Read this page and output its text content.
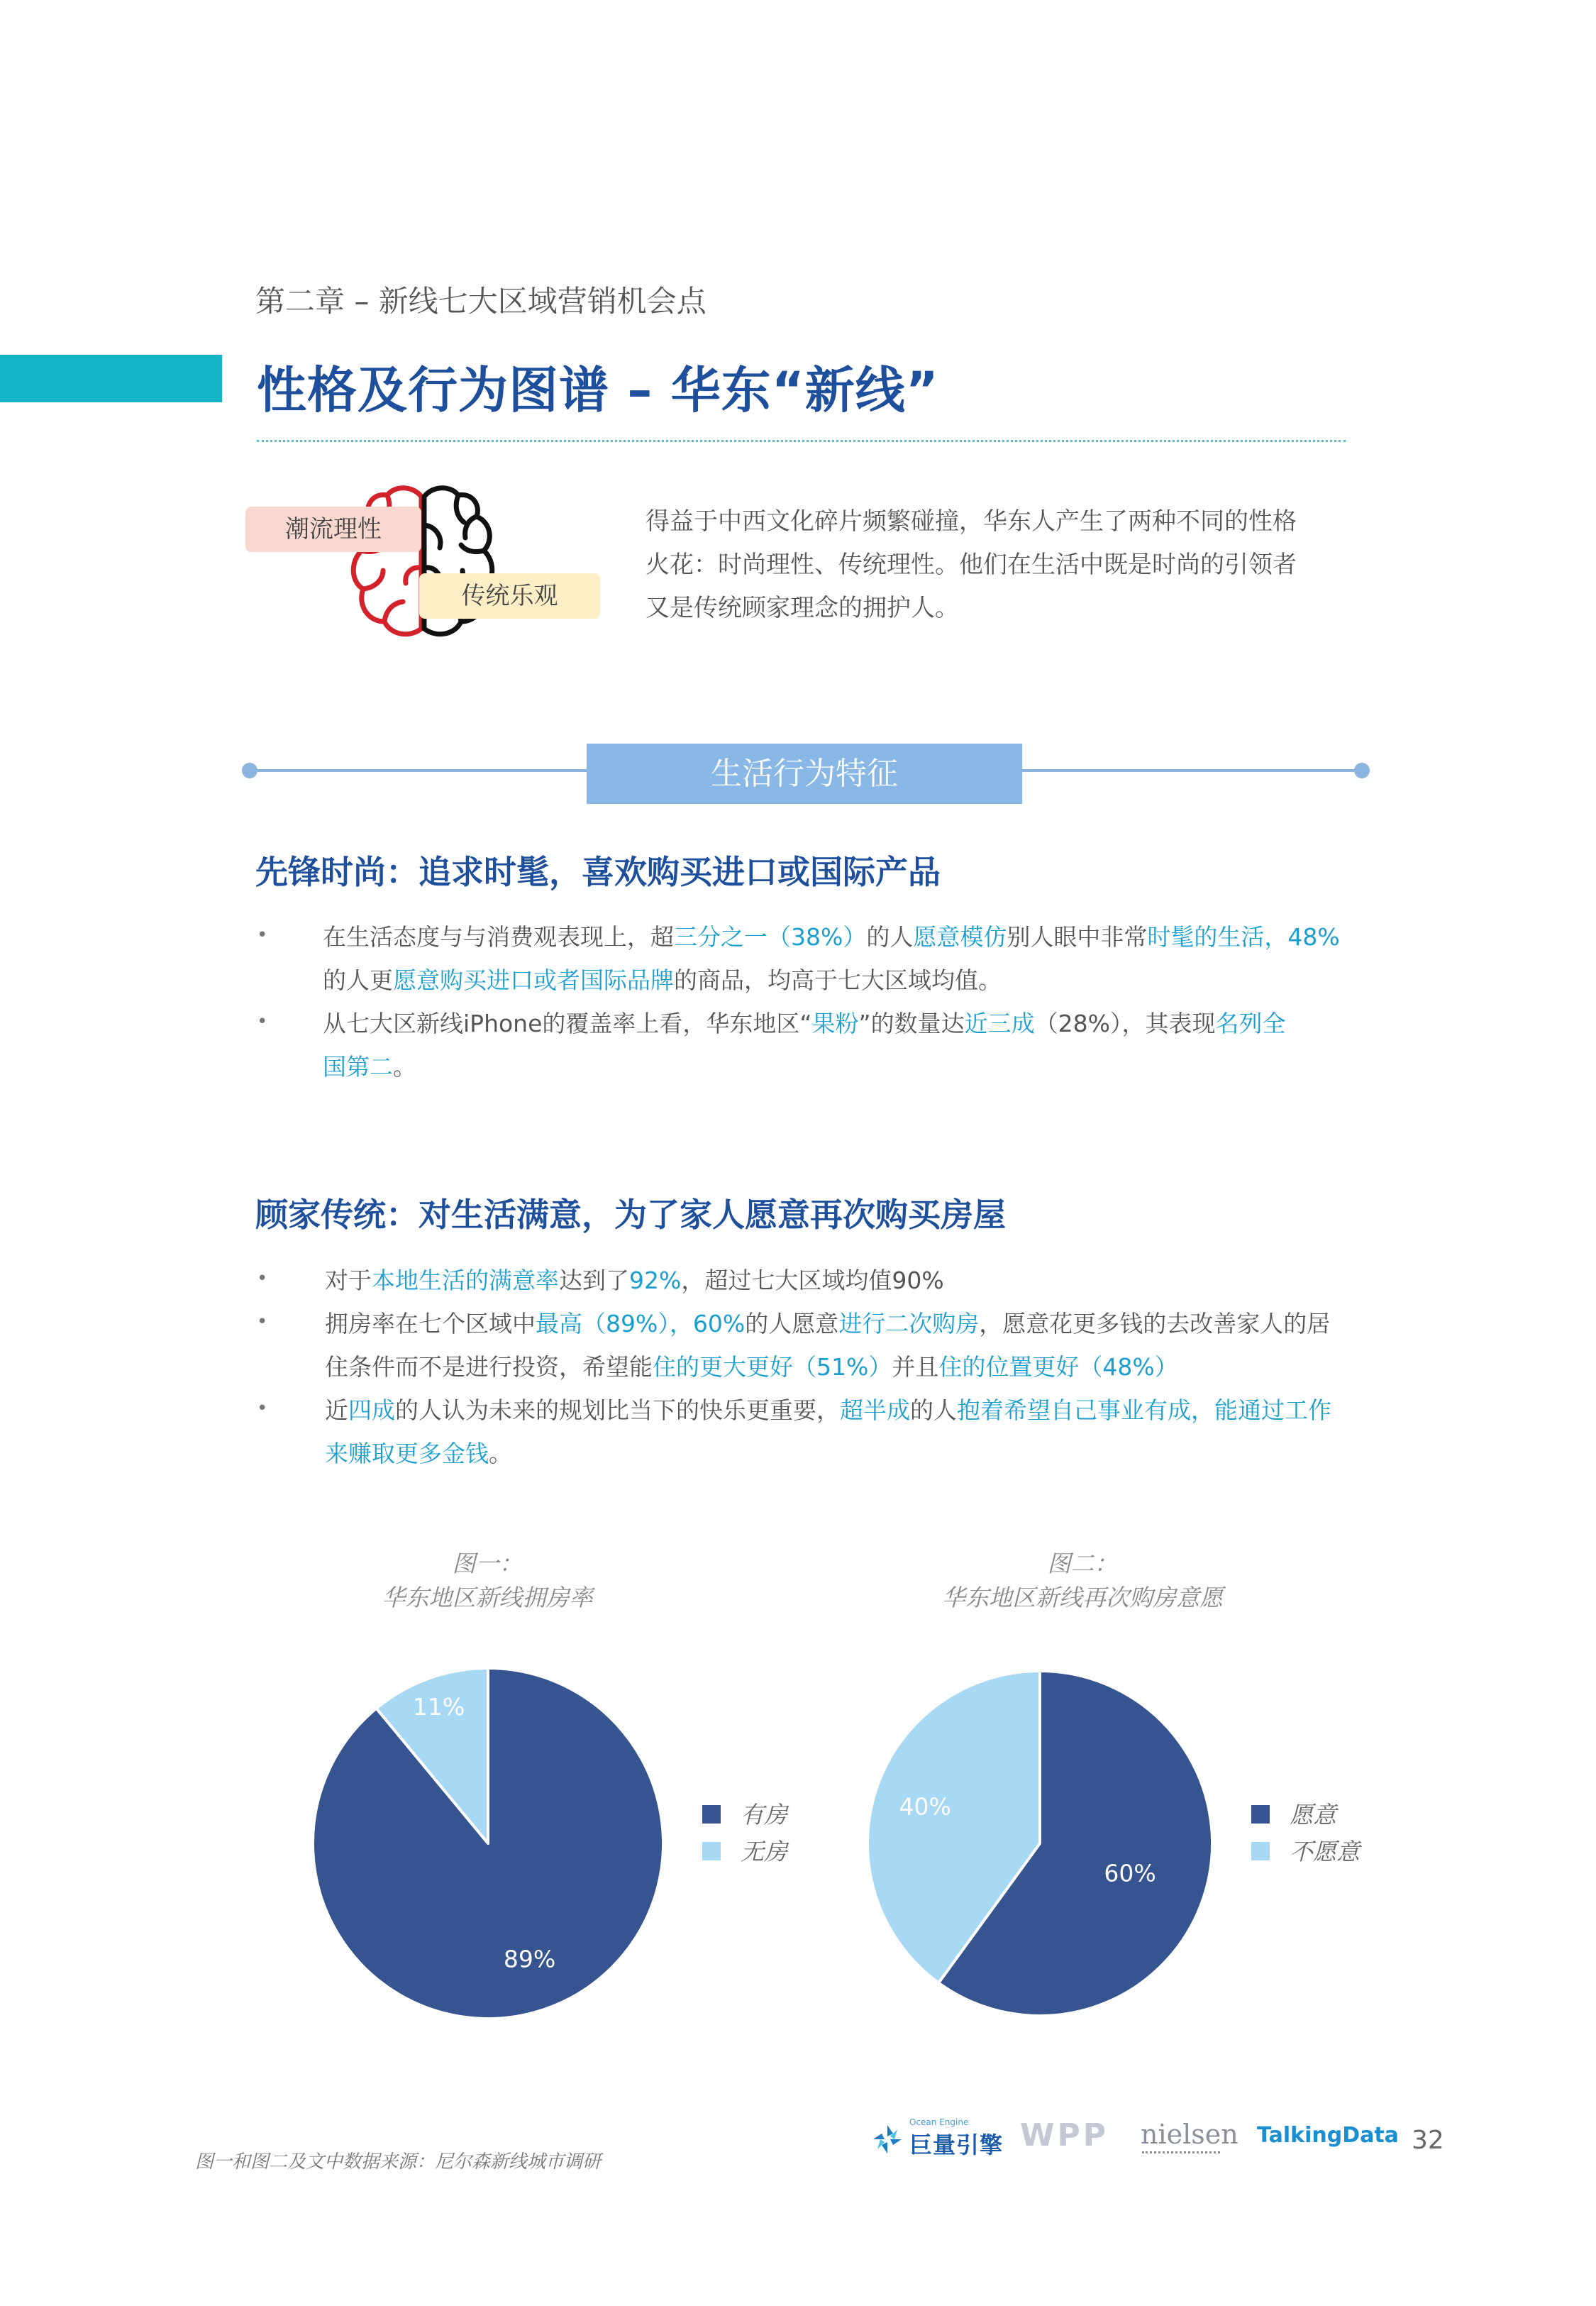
第二章 – 新线七大区域营销机会点
性格及行为图谱 – 华东“新线”
潮流理性
传统乐观
得益于中西文化碎片频繁碰撞，华东人产生了两种不同的性格
火花：时尚理性、传统理性。他们在生活中既是时尚的引领者
又是传统顾家理念的拥护人。
生活行为特征
先锋时尚：追求时髦，喜欢购买进口或国际产品
• 在生活态度与与消费观表现上，超三分之一（38%）的人愿意模仿别人眼中非常时髦的生活，48%
的人更愿意购买进口或者国际品牌的商品，均高于七大区域均值。
• 从七大区新线iPhone的覆盖率上看，华东地区“果粉”的数量达近三成（28%），其表现名列全
国第二。
顾家传统：对生活满意，为了家人愿意再次购买房屋
• 对于本地生活的满意率达到了92%，超过七大区域均值90%
• 拥房率在七个区域中最高（89%），60%的人愿意进行二次购房，愿意花更多钱的去改善家人的居
住条件而不是进行投资，希望能住的更大更好（51%）并且住的位置更好（48%）
• 近四成的人认为未来的规划比当下的快乐更重要，超半成的人抱着希望自己事业有成，能通过工作
来赚取更多金钱。
图一：
华东地区新线拥房率
89%
11%
有房
无房
图二：
华东地区新线再次购房意愿
60%
40%	愿意
不愿意
图一和图二及文中数据来源：尼尔森新线城市调研
Ocean Engine
巨量引擎 WPP nielsen TalkingData 32
